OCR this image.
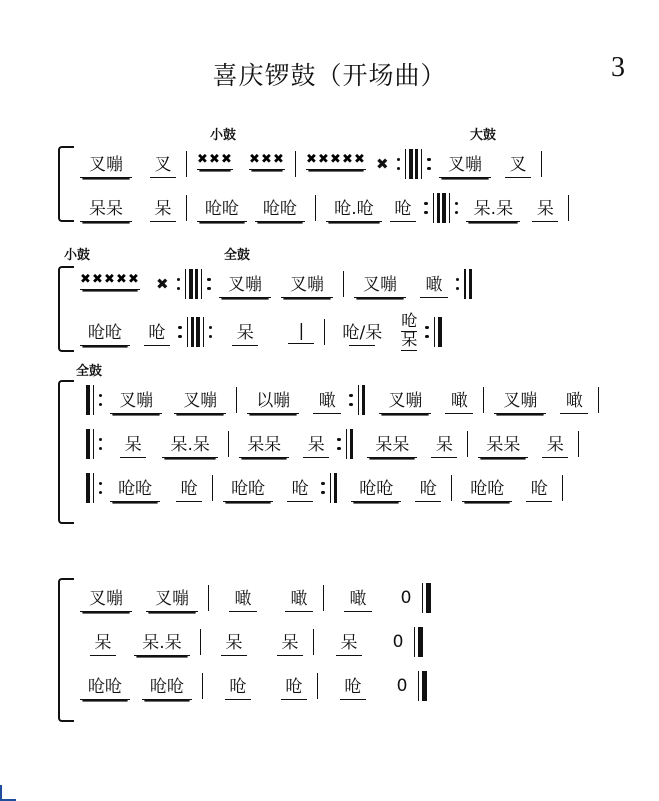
3
喜庆锣鼓（开场曲）
小鼓	大鼓
叉嘣	叉	✖ ✖ ✖ ✖ ✖ ✖ ✖ ✖ ✖ ✖ ✖ ✖	叉嘣	叉
呆呆	呆	呛呛	呛呛	呛.呛	呛	呆.呆	呆
小鼓	全鼓
✖ ✖ ✖ ✖ ✖ ✖	叉嘣	叉嘣	叉嘣	噉
呛呛	呛	呆	|	呛/呆
呛
呆
全鼓
叉嘣	叉嘣	以嘣	噉	叉嘣	噉	叉嘣	噉
呆	呆.呆	呆呆	呆	呆呆	呆	呆呆	呆
呛呛	呛	呛呛	呛	呛呛	呛	呛呛	呛
叉嘣	叉嘣	噉	噉	噉	0
呆	呆.呆	呆 呆 呆 0
呛呛	呛呛	呛 呛 呛 0
